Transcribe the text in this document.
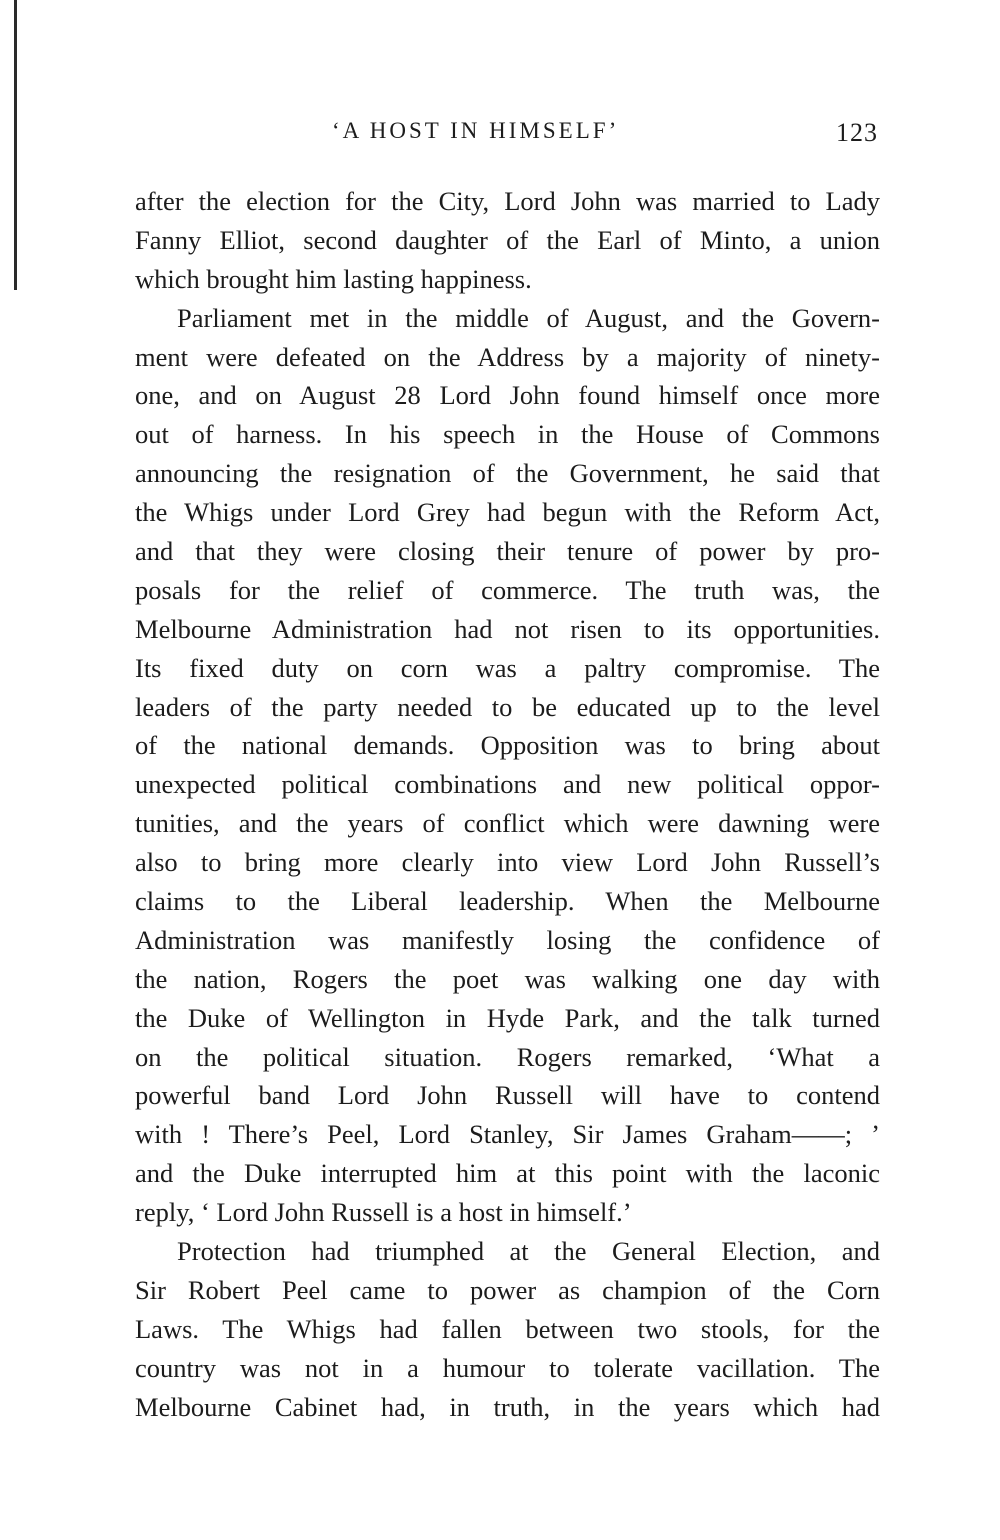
‘A HOST IN HIMSELF’	123

after the election for the City, Lord John was married to Lady
Fanny Elliot, second daughter of the Earl of Minto, a union
which brought him lasting happiness.

Parliament met in the middle of August, and the Govern-
ment were defeated on the Address by a majority of ninety-
one, and on August 28 Lord John found himself once more
out of harness. In his speech in the House of Commons
announcing the resignation of the Government, he said that
the Whigs under Lord Grey had begun with the Reform Act,
and that they were closing their tenure of power by pro-
posals for the relief of commerce. The truth was, the
Melbourne Administration had not risen to its opportunities.
Its fixed duty on corn was a paltry compromise. The
leaders of the party needed to be educated up to the level
of the national demands. Opposition was to bring about
unexpected political combinations and new political oppor-
tunities, and the years of conflict which were dawning were
also to bring more clearly into view Lord John Russell’s
claims to the Liberal leadership. When the Melbourne
Administration was manifestly losing the confidence of
the nation, Rogers the poet was walking one day with
the Duke of Wellington in Hyde Park, and the talk turned
on the political situation. Rogers remarked, ‘What a
powerful band Lord John Russell will have to contend
with ! There’s Peel, Lord Stanley, Sir James Graham——; ’
and the Duke interrupted him at this point with the laconic
reply, ‘ Lord John Russell is a host in himself.’

Protection had triumphed at the General Election, and
Sir Robert Peel came to power as champion of the Corn
Laws. The Whigs had fallen between two stools, for the
country was not in a humour to tolerate vacillation. The
Melbourne Cabinet had, in truth, in the years which had
